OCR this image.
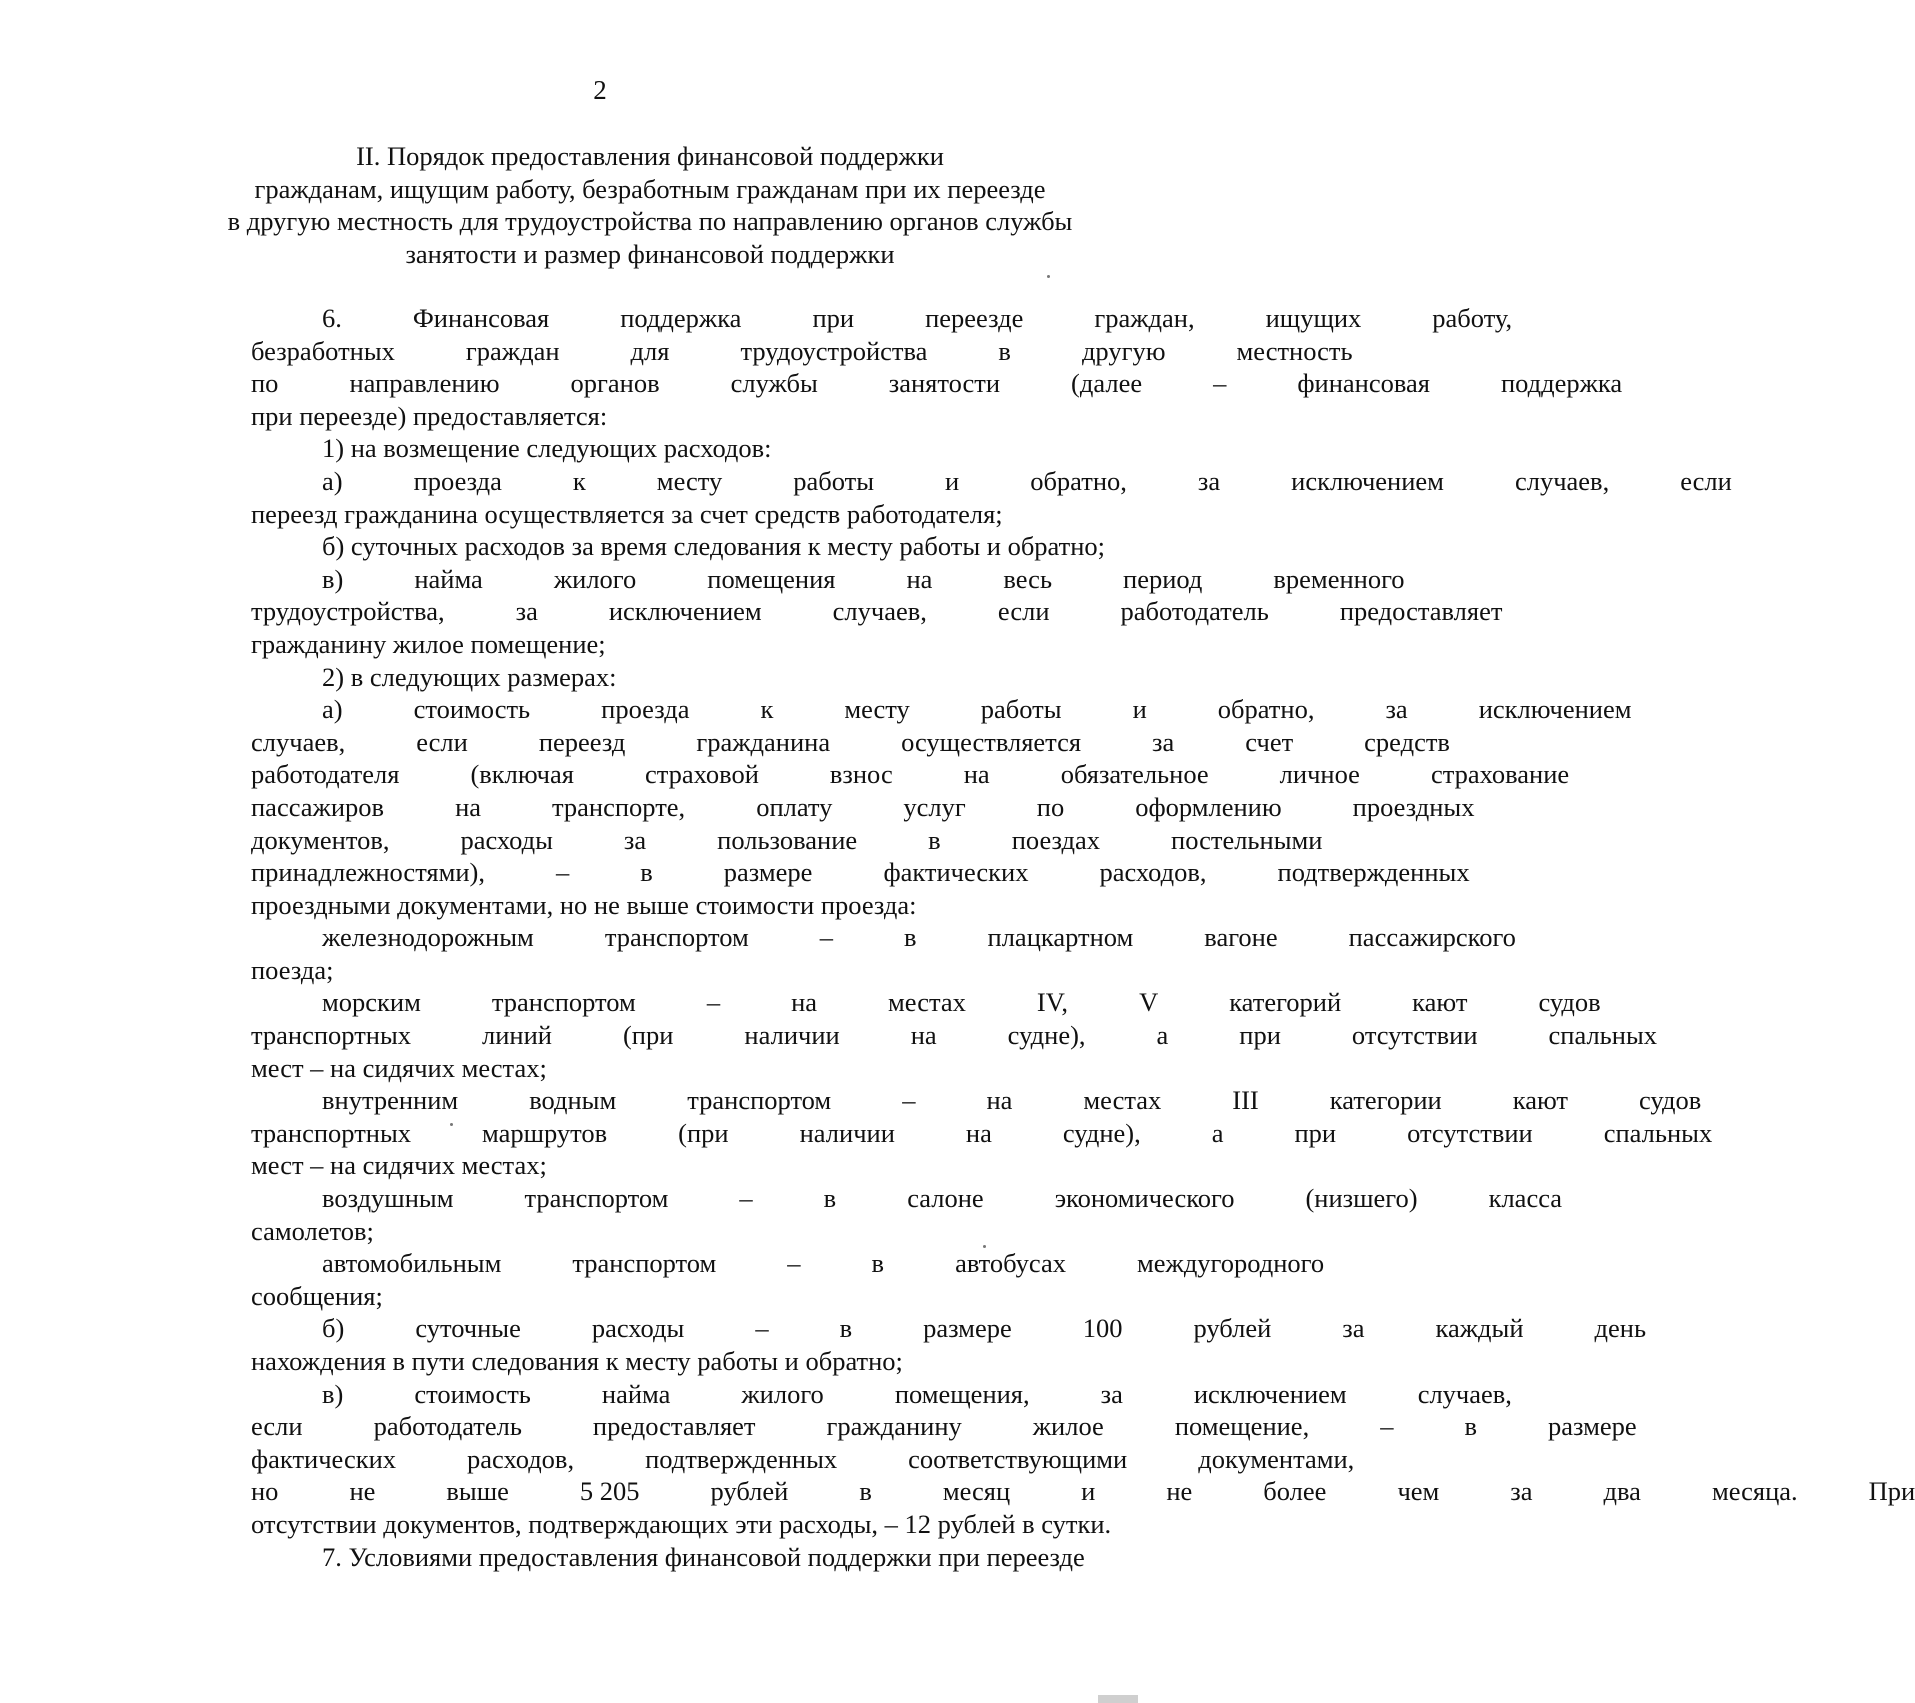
2
II. Порядок предоставления финансовой поддержки
гражданам, ищущим работу, безработным гражданам при их переезде
в другую местность для трудоустройства по направлению органов службы
занятости и размер финансовой поддержки
6.	Финансовая	поддержка	при	переезде	граждан,	ищущих	работу,
безработных	граждан	для	трудоустройства	в	другую	местность
по	направлению	органов	службы	занятости	(далее	–	финансовая	поддержка
при переезде) предоставляется:
1) на возмещение следующих расходов:
а)	проезда	к	месту	работы	и	обратно,	за	исключением	случаев,	если
переезд гражданина осуществляется за счет средств работодателя;
б) суточных расходов за время следования к месту работы и обратно;
в)	найма	жилого	помещения	на	весь	период	временного
трудоустройства,	за	исключением	случаев,	если	работодатель	предоставляет
гражданину жилое помещение;
2) в следующих размерах:
а)	стоимость	проезда	к	месту	работы	и	обратно,	за	исключением
случаев,	если	переезд	гражданина	осуществляется	за	счет	средств
работодателя	(включая	страховой	взнос	на	обязательное	личное	страхование
пассажиров	на	транспорте,	оплату	услуг	по	оформлению	проездных
документов,	расходы	за	пользование	в	поездах	постельными
принадлежностями),	–	в	размере	фактических	расходов,	подтвержденных
проездными документами, но не выше стоимости проезда:
железнодорожным	транспортом	–	в	плацкартном	вагоне	пассажирского
поезда;
морским	транспортом	–	на	местах	IV,	V	категорий	кают	судов
транспортных	линий	(при	наличии	на	судне),	а	при	отсутствии	спальных
мест – на сидячих местах;
внутренним	водным	транспортом	–	на	местах	III	категории	кают	судов
транспортных	маршрутов	(при	наличии	на	судне),	а	при	отсутствии	спальных
мест – на сидячих местах;
воздушным	транспортом	–	в	салоне	экономического	(низшего)	класса
самолетов;
автомобильным	транспортом	–	в	автобусах	междугородного
сообщения;
б)	суточные	расходы	–	в	размере	100	рублей	за	каждый	день
нахождения в пути следования к месту работы и обратно;
в)	стоимость	найма	жилого	помещения,	за	исключением	случаев,
если	работодатель	предоставляет	гражданину	жилое	помещение,	–	в	размере
фактических	расходов,	подтвержденных	соответствующими	документами,
но	не	выше	5 205	рублей	в	месяц	и	не	более	чем	за	два	месяца.	При
отсутствии документов, подтверждающих эти расходы, – 12 рублей в сутки.
7. Условиями предоставления финансовой поддержки при переезде
